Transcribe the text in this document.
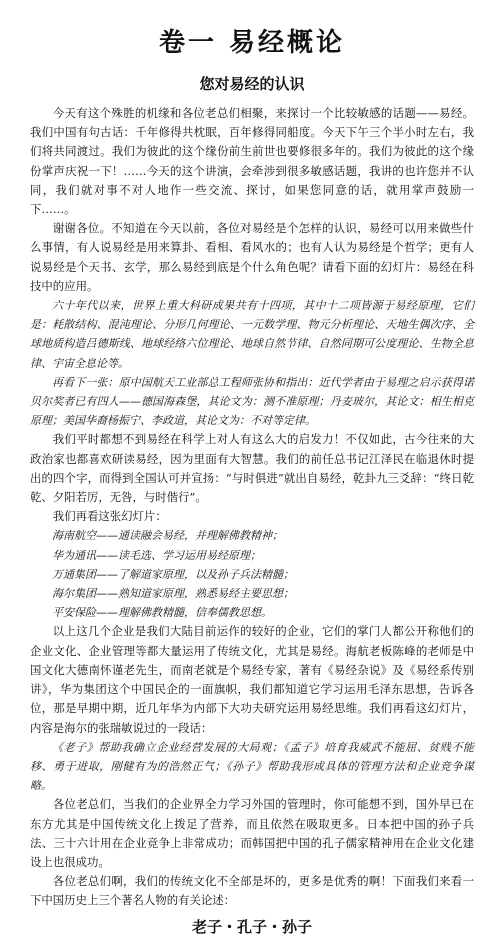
卷一 易经概论
您对易经的认识

今天有这个殊胜的机缘和各位老总们相聚，来探讨一个比较敏感的话题——易经。我们中国有句古话：千年修得共枕眠，百年修得同船度。今天下午三个半小时左右，我们将共同渡过。我们为彼此的这个缘份前生前世也要修很多年的。我们为彼此的这个缘份掌声庆祝一下！……今天的这个讲演，会牵涉到很多敏感话题，我讲的也许您并不认同，我们就对事不对人地作一些交流、探讨，如果您同意的话，就用掌声鼓励一下……。

谢谢各位。不知道在今天以前，各位对易经是个怎样的认识，易经可以用来做些什么事情，有人说易经是用来算卦、看相、看风水的；也有人认为易经是个哲学；更有人说易经是个天书、玄学，那么易经到底是个什么角色呢？请看下面的幻灯片：易经在科技中的应用。

六十年代以来，世界上重大科研成果共有十四项，其中十二项皆源于易经原理，它们是：耗散结构、混沌理论、分形几何理论、一元数学理、物元分析理论、天地生偶次序、全球地质构造吕德斯线、地球经络六位理论、地球自然节律、自然同期可公度理论、生物全息律、宇宙全息论等。

再看下一张：原中国航天工业部总工程师张协和指出：近代学者由于易理之启示获得诺贝尔奖者已有四人——德国海森堡，其论文为：测不准原理；丹麦玻尔，其论文：相生相克原理；美国华裔杨振宁、李政道，其论文为：不对等定律。

我们平时都想不到易经在科学上对人有这么大的启发力！不仅如此，古今往来的大政治家也都喜欢研读易经，因为里面有大智慧。我们的前任总书记江泽民在临退休时提出的四个字，而得到全国认可并宣扬：“与时俱进”就出自易经，乾卦九三爻辞：“终日乾乾、夕阳若厉，无咎，与时偕行”。

我们再看这张幻灯片：

海南航空——通读融会易经，并理解佛教精神；

华为通讯——读毛选、学习运用易经原理；

万通集团——了解道家原理，以及孙子兵法精髓；

海尔集团——熟知道家原理，熟悉易经主要思想；

平安保险——理解佛教精髓，信奉儒教思想。

以上这几个企业是我们大陆目前运作的较好的企业，它们的掌门人都公开称他们的企业文化、企业管理等都大量运用了传统文化，尤其是易经。海航老板陈峰的老师是中国文化大德南怀谨老先生，而南老就是个易经专家，著有《易经杂说》及《易经系传别讲》，华为集团这个中国民企的一面旗帜，我们都知道它学习运用毛泽东思想，告诉各位，那是早期中期，近几年华为内部下大功夫研究运用易经思维。我们再看这幻灯片，内容是海尔的张瑞敏说过的一段话：

《老子》帮助我确立企业经营发展的大局观；《孟子》培育我威武不能屈、贫贱不能移、勇于进取，刚健有为的浩然正气；《孙子》帮助我形成具体的管理方法和企业竞争谋略。

各位老总们，当我们的企业界全力学习外国的管理时，你可能想不到，国外早已在东方尤其是中国传统文化上拨足了营养，而且依然在吸取更多。日本把中国的孙子兵法、三十六计用在企业竞争上非常成功；而韩国把中国的孔子儒家精神用在企业文化建设上也很成功。

各位老总们啊，我们的传统文化不全部是坏的，更多是优秀的啊！下面我们来看一下中国历史上三个著名人物的有关论述：

老子・孔子・孙子
